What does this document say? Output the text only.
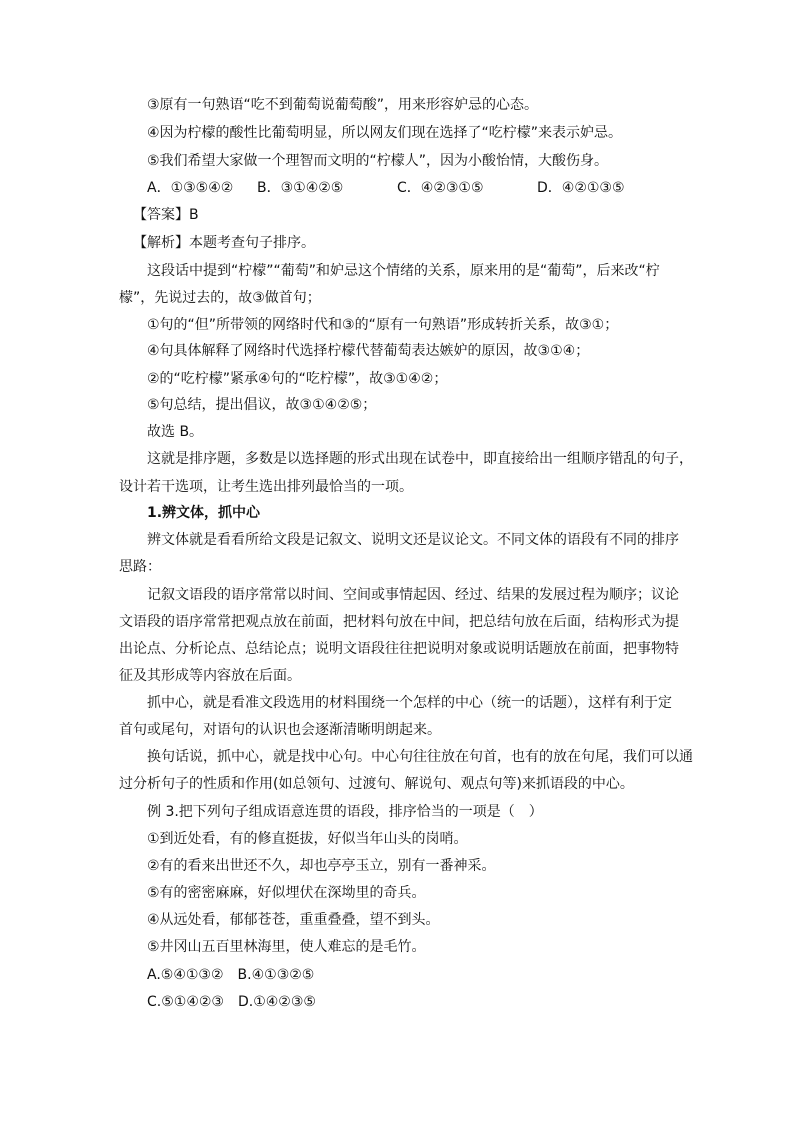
③原有一句熟语“吃不到葡萄说葡萄酸”，用来形容妒忌的心态。
④因为柠檬的酸性比葡萄明显，所以网友们现在选择了“吃柠檬”来表示妒忌。
⑤我们希望大家做一个理智而文明的“柠檬人”，因为小酸怡情，大酸伤身。
A．①③⑤④② B．③①④②⑤	C．④②③①⑤	D．④②①③⑤
【答案】B
【解析】本题考查句子排序。
这段话中提到“柠檬”“葡萄”和妒忌这个情绪的关系，原来用的是“葡萄”，后来改“柠
檬”，先说过去的，故③做首句；
①句的“但”所带领的网络时代和③的“原有一句熟语”形成转折关系，故③①；
④句具体解释了网络时代选择柠檬代替葡萄表达嫉妒的原因，故③①④；
②的“吃柠檬”紧承④句的“吃柠檬”，故③①④②；
⑤句总结，提出倡议，故③①④②⑤；
故选 B。
这就是排序题，多数是以选择题的形式出现在试卷中，即直接给出一组顺序错乱的句子，
设计若干选项，让考生选出排列最恰当的一项。
1.辨文体，抓中心
辨文体就是看看所给文段是记叙文、说明文还是议论文。不同文体的语段有不同的排序
思路：
记叙文语段的语序常常以时间、空间或事情起因、经过、结果的发展过程为顺序；议论
文语段的语序常常把观点放在前面，把材料句放在中间，把总结句放在后面，结构形式为提
出论点、分析论点、总结论点；说明文语段往往把说明对象或说明话题放在前面，把事物特
征及其形成等内容放在后面。
抓中心，就是看准文段选用的材料围绕一个怎样的中心（统一的话题），这样有利于定
首句或尾句，对语句的认识也会逐渐清晰明朗起来。
换句话说，抓中心，就是找中心句。中心句往往放在句首，也有的放在句尾，我们可以通
过分析句子的性质和作用(如总领句、过渡句、解说句、观点句等)来抓语段的中心。
例 3.把下列句子组成语意连贯的语段，排序恰当的一项是（　）
①到近处看，有的修直挺拔，好似当年山头的岗哨。
②有的看来出世还不久，却也亭亭玉立，别有一番神采。
⑤有的密密麻麻，好似埋伏在深坳里的奇兵。
④从远处看，郁郁苍苍，重重叠叠，望不到头。
⑤井冈山五百里林海里，使人难忘的是毛竹。
A.⑤④①③②　B.④①③②⑤
C.⑤①④②③　D.①④②③⑤
